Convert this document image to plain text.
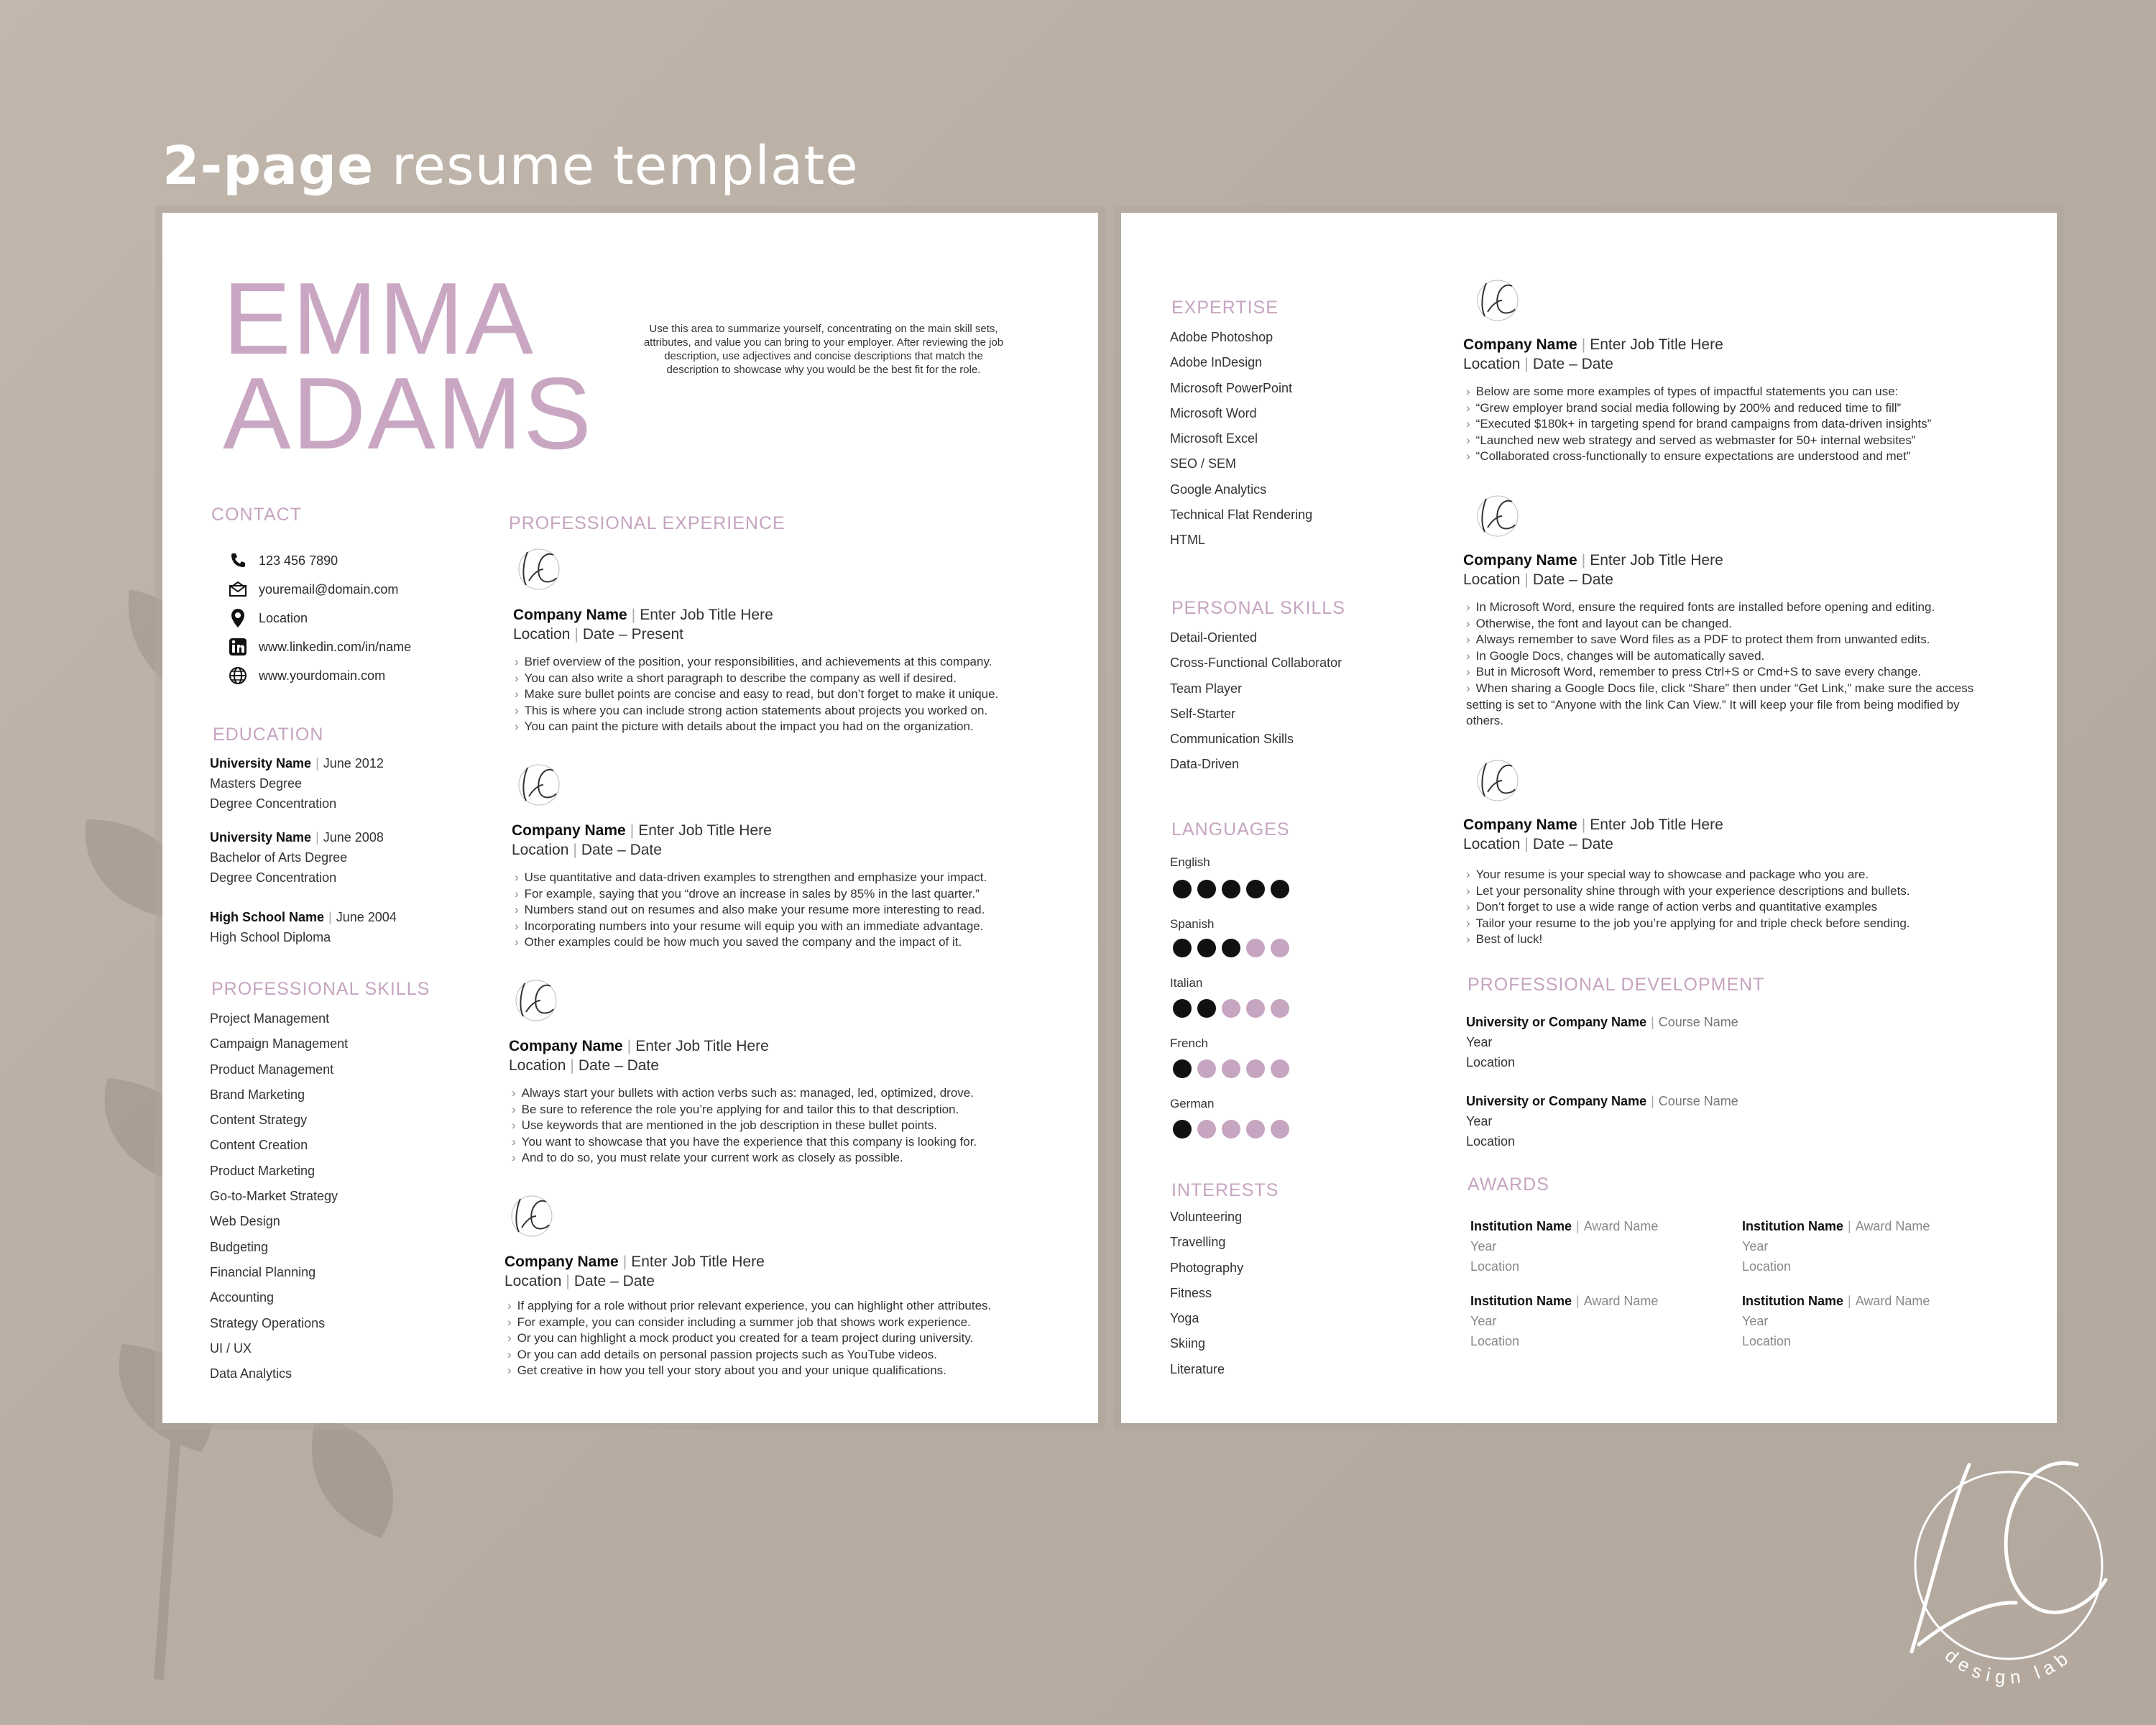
2-page resume template
EMMA
ADAMS
Use this area to summarize yourself, concentrating on the main skill sets, attributes, and value you can bring to your employer. After reviewing the job description, use adjectives and concise descriptions that match the description to showcase why you would be the best fit for the role.
CONTACT
123 456 7890
youremail@domain.com
Location
www.linkedin.com/in/name
www.yourdomain.com
EDUCATION
University Name | June 2012
Masters Degree
Degree Concentration
University Name | June 2008
Bachelor of Arts Degree
Degree Concentration
High School Name | June 2004
High School Diploma
PROFESSIONAL SKILLS
Project Management
Campaign Management
Product Management
Brand Marketing
Content Strategy
Content Creation
Product Marketing
Go-to-Market Strategy
Web Design
Budgeting
Financial Planning
Accounting
Strategy Operations
UI / UX
Data Analytics
PROFESSIONAL EXPERIENCE
Company Name | Enter Job Title Here
Location | Date – Present
› Brief overview of the position, your responsibilities, and achievements at this company.
› You can also write a short paragraph to describe the company as well if desired.
› Make sure bullet points are concise and easy to read, but don’t forget to make it unique.
› This is where you can include strong action statements about projects you worked on.
› You can paint the picture with details about the impact you had on the organization.
Company Name | Enter Job Title Here
Location | Date – Date
› Use quantitative and data-driven examples to strengthen and emphasize your impact.
› For example, saying that you “drove an increase in sales by 85% in the last quarter.”
› Numbers stand out on resumes and also make your resume more interesting to read.
› Incorporating numbers into your resume will equip you with an immediate advantage.
› Other examples could be how much you saved the company and the impact of it.
Company Name | Enter Job Title Here
Location | Date – Date
› Always start your bullets with action verbs such as: managed, led, optimized, drove.
› Be sure to reference the role you’re applying for and tailor this to that description.
› Use keywords that are mentioned in the job description in these bullet points.
› You want to showcase that you have the experience that this company is looking for.
› And to do so, you must relate your current work as closely as possible.
Company Name | Enter Job Title Here
Location | Date – Date
› If applying for a role without prior relevant experience, you can highlight other attributes.
› For example, you can consider including a summer job that shows work experience.
› Or you can highlight a mock product you created for a team project during university.
› Or you can add details on personal passion projects such as YouTube videos.
› Get creative in how you tell your story about you and your unique qualifications.
EXPERTISE
Adobe Photoshop
Adobe InDesign
Microsoft PowerPoint
Microsoft Word
Microsoft Excel
SEO / SEM
Google Analytics
Technical Flat Rendering
HTML
PERSONAL SKILLS
Detail-Oriented
Cross-Functional Collaborator
Team Player
Self-Starter
Communication Skills
Data-Driven
LANGUAGES
English
Spanish
Italian
French
German
INTERESTS
Volunteering
Travelling
Photography
Fitness
Yoga
Skiing
Literature
Company Name | Enter Job Title Here
Location | Date – Date
› Below are some more examples of types of impactful statements you can use:
› “Grew employer brand social media following by 200% and reduced time to fill”
› “Executed $180k+ in targeting spend for brand campaigns from data-driven insights”
› “Launched new web strategy and served as webmaster for 50+ internal websites”
› “Collaborated cross-functionally to ensure expectations are understood and met”
Company Name | Enter Job Title Here
Location | Date – Date
› In Microsoft Word, ensure the required fonts are installed before opening and editing.
› Otherwise, the font and layout can be changed.
› Always remember to save Word files as a PDF to protect them from unwanted edits.
› In Google Docs, changes will be automatically saved.
› But in Microsoft Word, remember to press Ctrl+S or Cmd+S to save every change.
› When sharing a Google Docs file, click “Share” then under “Get Link,” make sure the access setting is set to “Anyone with the link Can View.” It will keep your file from being modified by others.
Company Name | Enter Job Title Here
Location | Date – Date
› Your resume is your special way to showcase and package who you are.
› Let your personality shine through with your experience descriptions and bullets.
› Don’t forget to use a wide range of action verbs and quantitative examples
› Tailor your resume to the job you’re applying for and triple check before sending.
› Best of luck!
PROFESSIONAL DEVELOPMENT
University or Company Name | Course Name
Year
Location
University or Company Name | Course Name
Year
Location
AWARDS
Institution Name | Award Name
Year
Location
Institution Name | Award Name
Year
Location
Institution Name | Award Name
Year
Location
Institution Name | Award Name
Year
Location
design lab
